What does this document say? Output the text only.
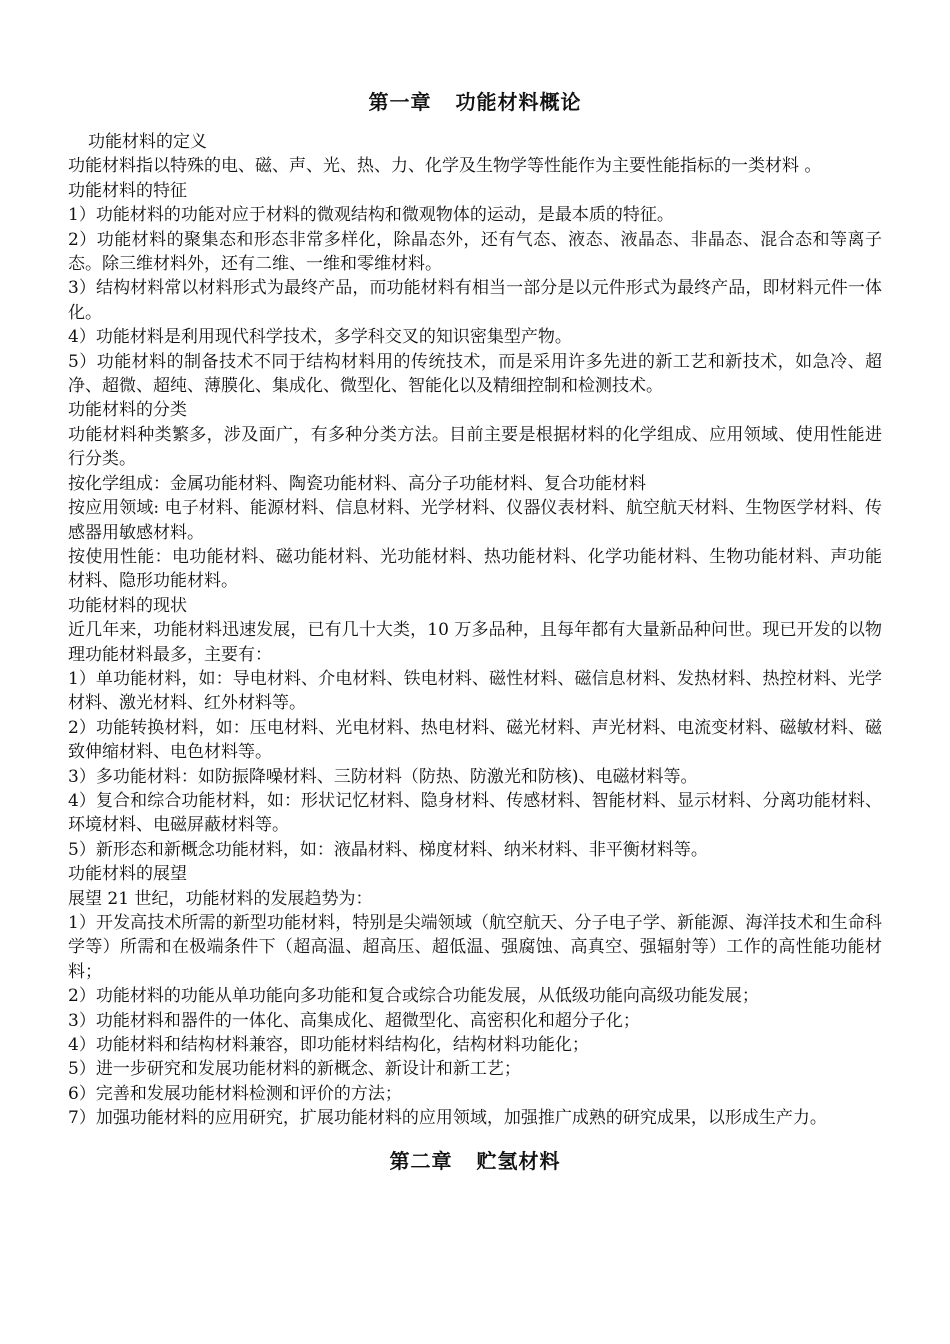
第一章 功能材料概论

功能材料的定义

功能材料指以特殊的电、磁、声、光、热、力、化学及生物学等性能作为主要性能指标的一类材料 。

功能材料的特征

1）功能材料的功能对应于材料的微观结构和微观物体的运动，是最本质的特征。

2）功能材料的聚集态和形态非常多样化，除晶态外，还有气态、液态、液晶态、非晶态、混合态和等离子态。除三维材料外，还有二维、一维和零维材料。

3）结构材料常以材料形式为最终产品，而功能材料有相当一部分是以元件形式为最终产品，即材料元件一体化。

4）功能材料是利用现代科学技术，多学科交叉的知识密集型产物。

5）功能材料的制备技术不同于结构材料用的传统技术，而是采用许多先进的新工艺和新技术，如急冷、超净、超微、超纯、薄膜化、集成化、微型化、智能化以及精细控制和检测技术。

功能材料的分类

功能材料种类繁多，涉及面广，有多种分类方法。目前主要是根据材料的化学组成、应用领域、使用性能进行分类。

按化学组成：金属功能材料、陶瓷功能材料、高分子功能材料、复合功能材料

按应用领域: 电子材料、能源材料、信息材料、光学材料、仪器仪表材料、航空航天材料、生物医学材料、传感器用敏感材料。

按使用性能：电功能材料、磁功能材料、光功能材料、热功能材料、化学功能材料、生物功能材料、声功能材料、隐形功能材料。

功能材料的现状

近几年来，功能材料迅速发展，已有几十大类，10 万多品种，且每年都有大量新品种问世。现已开发的以物理功能材料最多，主要有：

1）单功能材料，如：导电材料、介电材料、铁电材料、磁性材料、磁信息材料、发热材料、热控材料、光学材料、激光材料、红外材料等。

2）功能转换材料，如：压电材料、光电材料、热电材料、磁光材料、声光材料、电流变材料、磁敏材料、磁致伸缩材料、电色材料等。

3）多功能材料：如防振降噪材料、三防材料（防热、防激光和防核)、电磁材料等。

4）复合和综合功能材料，如：形状记忆材料、隐身材料、传感材料、智能材料、显示材料、分离功能材料、环境材料、电磁屏蔽材料等。

5）新形态和新概念功能材料，如：液晶材料、梯度材料、纳米材料、非平衡材料等。

功能材料的展望

展望 21 世纪，功能材料的发展趋势为：

1）开发高技术所需的新型功能材料，特别是尖端领域（航空航天、分子电子学、新能源、海洋技术和生命科学等）所需和在极端条件下（超高温、超高压、超低温、强腐蚀、高真空、强辐射等）工作的高性能功能材料；

2）功能材料的功能从单功能向多功能和复合或综合功能发展，从低级功能向高级功能发展；

3）功能材料和器件的一体化、高集成化、超微型化、高密积化和超分子化；

4）功能材料和结构材料兼容，即功能材料结构化，结构材料功能化；

5）进一步研究和发展功能材料的新概念、新设计和新工艺；

6）完善和发展功能材料检测和评价的方法；

7）加强功能材料的应用研究，扩展功能材料的应用领域，加强推广成熟的研究成果，以形成生产力。

第二章 贮氢材料
